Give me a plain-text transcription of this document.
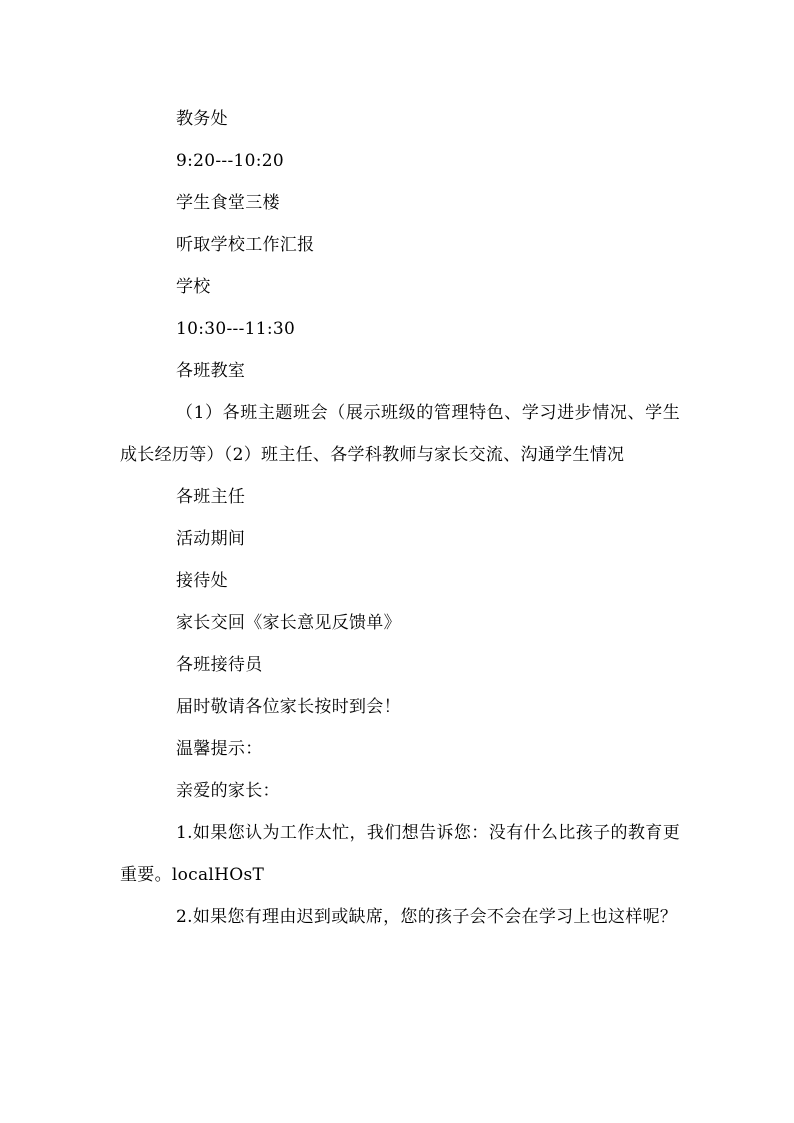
教务处
9:20---10:20
学生食堂三楼
听取学校工作汇报
学校
10:30---11:30
各班教室
（1）各班主题班会（展示班级的管理特色、学习进步情况、学生成长经历等）（2）班主任、各学科教师与家长交流、沟通学生情况
各班主任
活动期间
接待处
家长交回《家长意见反馈单》
各班接待员
届时敬请各位家长按时到会！
温馨提示：
亲爱的家长：
1.如果您认为工作太忙，我们想告诉您：没有什么比孩子的教育更重要。localHOsT
2.如果您有理由迟到或缺席，您的孩子会不会在学习上也这样呢？
